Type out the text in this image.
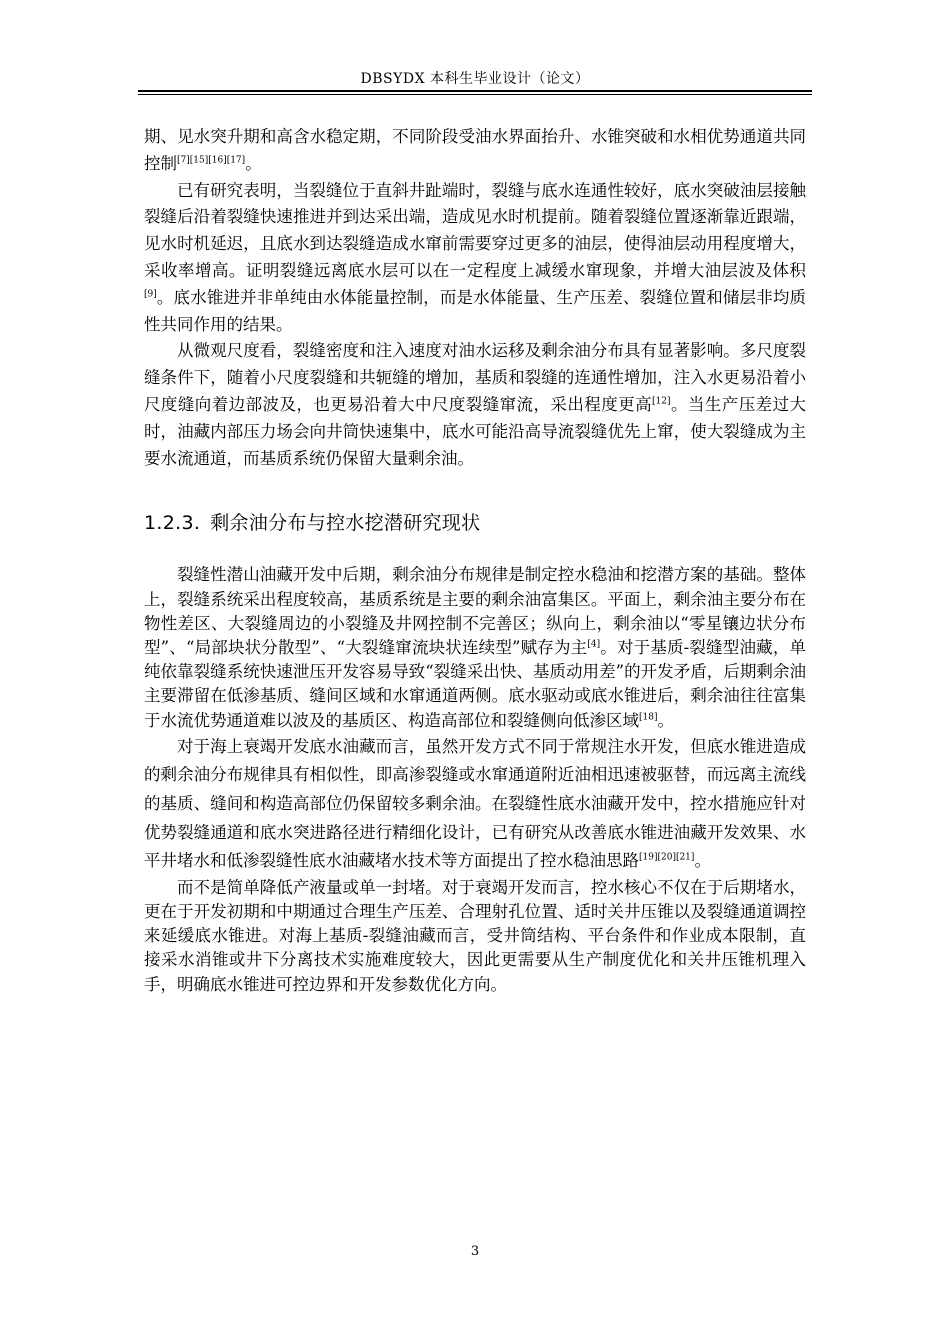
DBSYDX 本科生毕业设计（论文）

期、见水突升期和高含水稳定期，不同阶段受油水界面抬升、水锥突破和水相优势通道共同控制[7][15][16][17]。

已有研究表明，当裂缝位于直斜井趾端时，裂缝与底水连通性较好，底水突破油层接触裂缝后沿着裂缝快速推进并到达采出端，造成见水时机提前。随着裂缝位置逐渐靠近跟端，见水时机延迟，且底水到达裂缝造成水窜前需要穿过更多的油层，使得油层动用程度增大，采收率增高。证明裂缝远离底水层可以在一定程度上减缓水窜现象，并增大油层波及体积[9]。底水锥进并非单纯由水体能量控制，而是水体能量、生产压差、裂缝位置和储层非均质性共同作用的结果。

从微观尺度看，裂缝密度和注入速度对油水运移及剩余油分布具有显著影响。多尺度裂缝条件下，随着小尺度裂缝和共轭缝的增加，基质和裂缝的连通性增加，注入水更易沿着小尺度缝向着边部波及，也更易沿着大中尺度裂缝窜流，采出程度更高[12]。当生产压差过大时，油藏内部压力场会向井筒快速集中，底水可能沿高导流裂缝优先上窜，使大裂缝成为主要水流通道，而基质系统仍保留大量剩余油。

1.2.3. 剩余油分布与控水挖潜研究现状

裂缝性潜山油藏开发中后期，剩余油分布规律是制定控水稳油和挖潜方案的基础。整体上，裂缝系统采出程度较高，基质系统是主要的剩余油富集区。平面上，剩余油主要分布在物性差区、大裂缝周边的小裂缝及井网控制不完善区；纵向上，剩余油以“零星镶边状分布型”、“局部块状分散型”、“大裂缝窜流块状连续型”赋存为主[4]。对于基质-裂缝型油藏，单纯依靠裂缝系统快速泄压开发容易导致“裂缝采出快、基质动用差”的开发矛盾，后期剩余油主要滞留在低渗基质、缝间区域和水窜通道两侧。底水驱动或底水锥进后，剩余油往往富集于水流优势通道难以波及的基质区、构造高部位和裂缝侧向低渗区域[18]。

对于海上衰竭开发底水油藏而言，虽然开发方式不同于常规注水开发，但底水锥进造成的剩余油分布规律具有相似性，即高渗裂缝或水窜通道附近油相迅速被驱替，而远离主流线的基质、缝间和构造高部位仍保留较多剩余油。在裂缝性底水油藏开发中，控水措施应针对优势裂缝通道和底水突进路径进行精细化设计，已有研究从改善底水锥进油藏开发效果、水平井堵水和低渗裂缝性底水油藏堵水技术等方面提出了控水稳油思路[19][20][21]。

而不是简单降低产液量或单一封堵。对于衰竭开发而言，控水核心不仅在于后期堵水，更在于开发初期和中期通过合理生产压差、合理射孔位置、适时关井压锥以及裂缝通道调控来延缓底水锥进。对海上基质-裂缝油藏而言，受井筒结构、平台条件和作业成本限制，直接采水消锥或井下分离技术实施难度较大，因此更需要从生产制度优化和关井压锥机理入手，明确底水锥进可控边界和开发参数优化方向。

3
